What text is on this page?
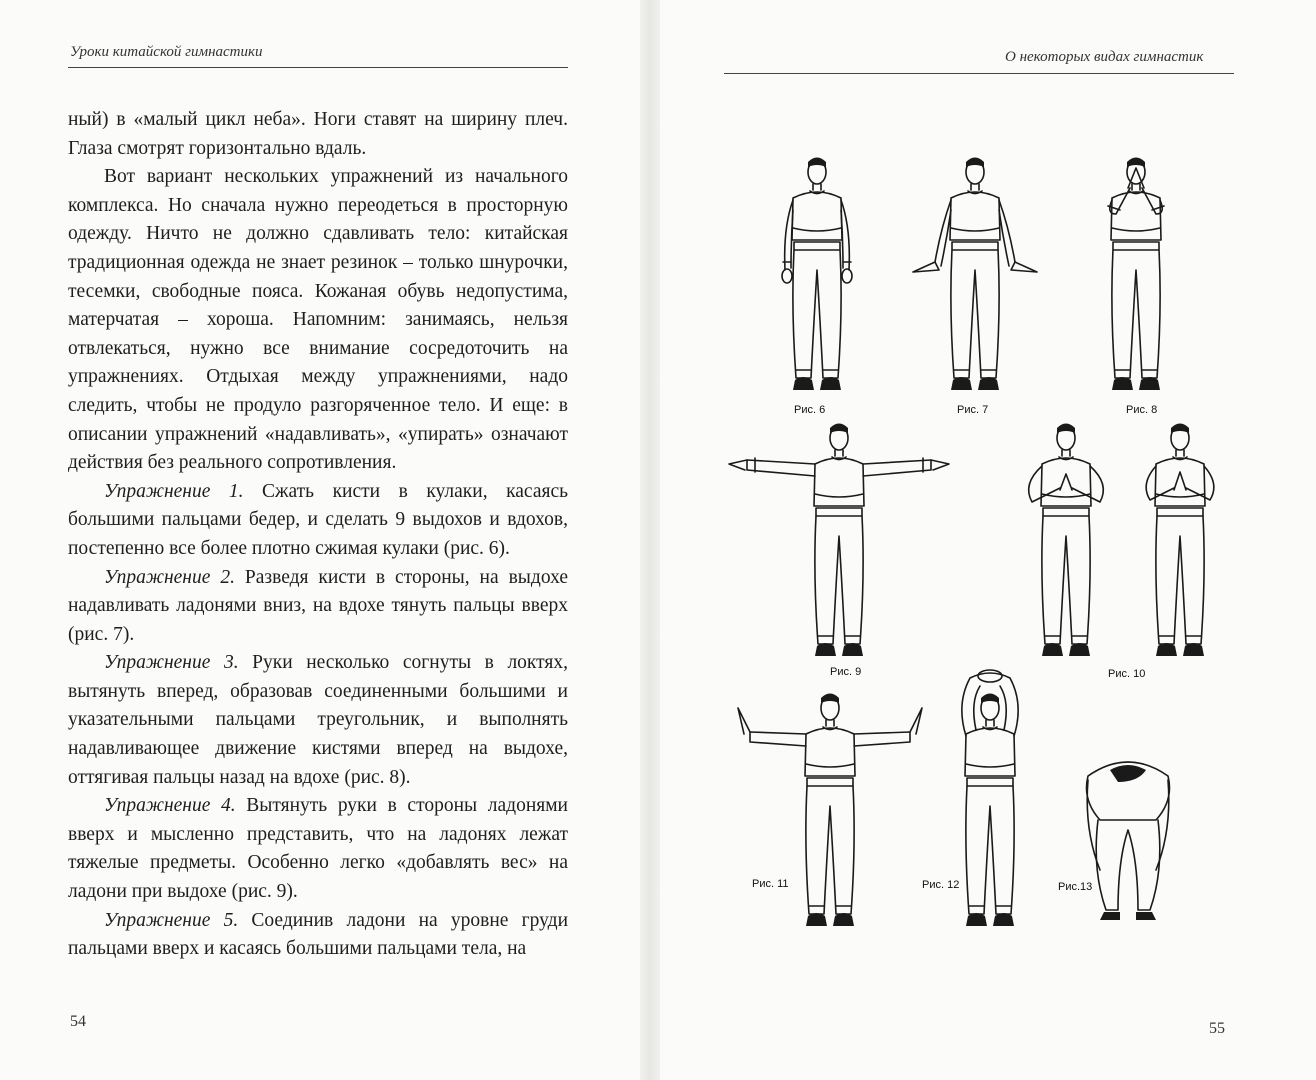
Уроки китайской гимнастики

ный) в «малый цикл неба». Ноги ставят на ширину плеч. Глаза смотрят горизонтально вдаль.

Вот вариант нескольких упражнений из начального комплекса. Но сначала нужно переодеться в просторную одежду. Ничто не должно сдавливать тело: китайская традиционная одежда не знает резинок – только шнурочки, тесемки, свободные пояса. Кожаная обувь недопустима, матерчатая – хороша. Напомним: занимаясь, нельзя отвлекаться, нужно все внимание сосредоточить на упражнениях. Отдыхая между упражнениями, надо следить, чтобы не продуло разгоряченное тело. И еще: в описании упражнений «надавливать», «упирать» означают действия без реального сопротивления.

Упражнение 1. Сжать кисти в кулаки, касаясь большими пальцами бедер, и сделать 9 выдохов и вдохов, постепенно все более плотно сжимая кулаки (рис. 6).

Упражнение 2. Разведя кисти в стороны, на выдохе надавливать ладонями вниз, на вдохе тянуть пальцы вверх (рис. 7).

Упражнение 3. Руки несколько согнуты в локтях, вытянуть вперед, образовав соединенными большими и указательными пальцами треугольник, и выполнять надавливающее движение кистями вперед на выдохе, оттягивая пальцы назад на вдохе (рис. 8).

Упражнение 4. Вытянуть руки в стороны ладонями вверх и мысленно представить, что на ладонях лежат тяжелые предметы. Особенно легко «добавлять вес» на ладони при выдохе (рис. 9).

Упражнение 5. Соединив ладони на уровне груди пальцами вверх и касаясь большими пальцами тела, на

54
О некоторых видах гимнастик
Рис. 6	Рис. 7	Рис. 8
Рис. 9	Рис. 10
Рис. 11	Рис. 12	Рис.13
55
